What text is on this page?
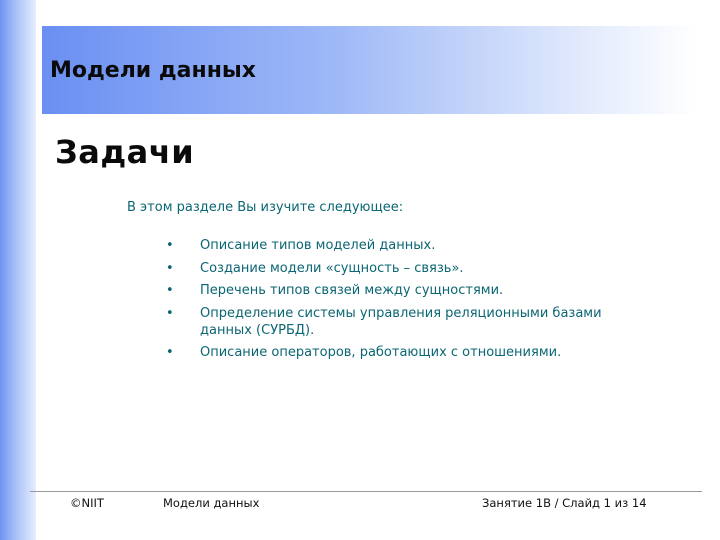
Модели данных
Задачи
В этом разделе Вы изучите следующее:
• Описание типов моделей данных.
• Создание модели «сущность – связь».
• Перечень типов связей между сущностями.
• Определение системы управления реляционными базами данных (СУРБД).
• Описание операторов, работающих с отношениями.
©NIIT	Модели данных	Занятие 1В / Слайд 1 из 14
